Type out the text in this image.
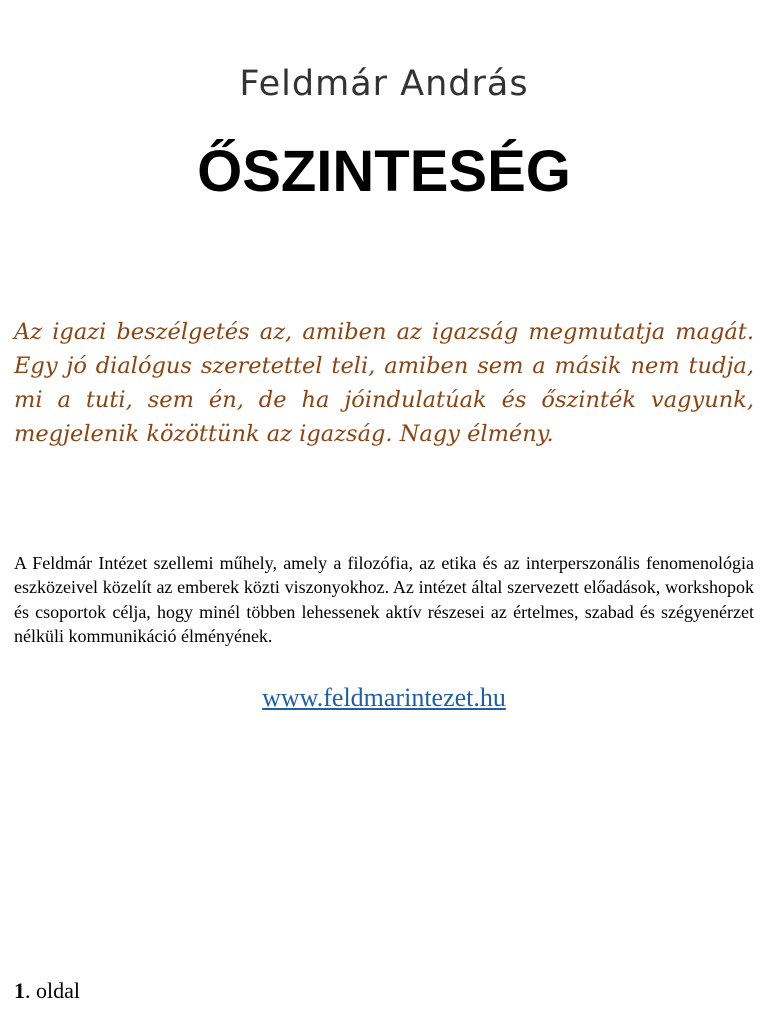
Feldmár András
ŐSZINTESÉG
Az igazi beszélgetés az, amiben az igazság megmutatja magát. Egy jó dialógus szeretettel teli, amiben sem a másik nem tudja, mi a tuti, sem én, de ha jóindulatúak és őszinték vagyunk, megjelenik közöttünk az igazság. Nagy élmény.
A Feldmár Intézet szellemi műhely, amely a filozófia, az etika és az interperszonális fenomenológia eszközeivel közelít az emberek közti viszonyokhoz. Az intézet által szervezett előadások, workshopok és csoportok célja, hogy minél többen lehessenek aktív részesei az értelmes, szabad és szégyenérzet nélküli kommunikáció élményének.
www.feldmarintezet.hu
1. oldal
